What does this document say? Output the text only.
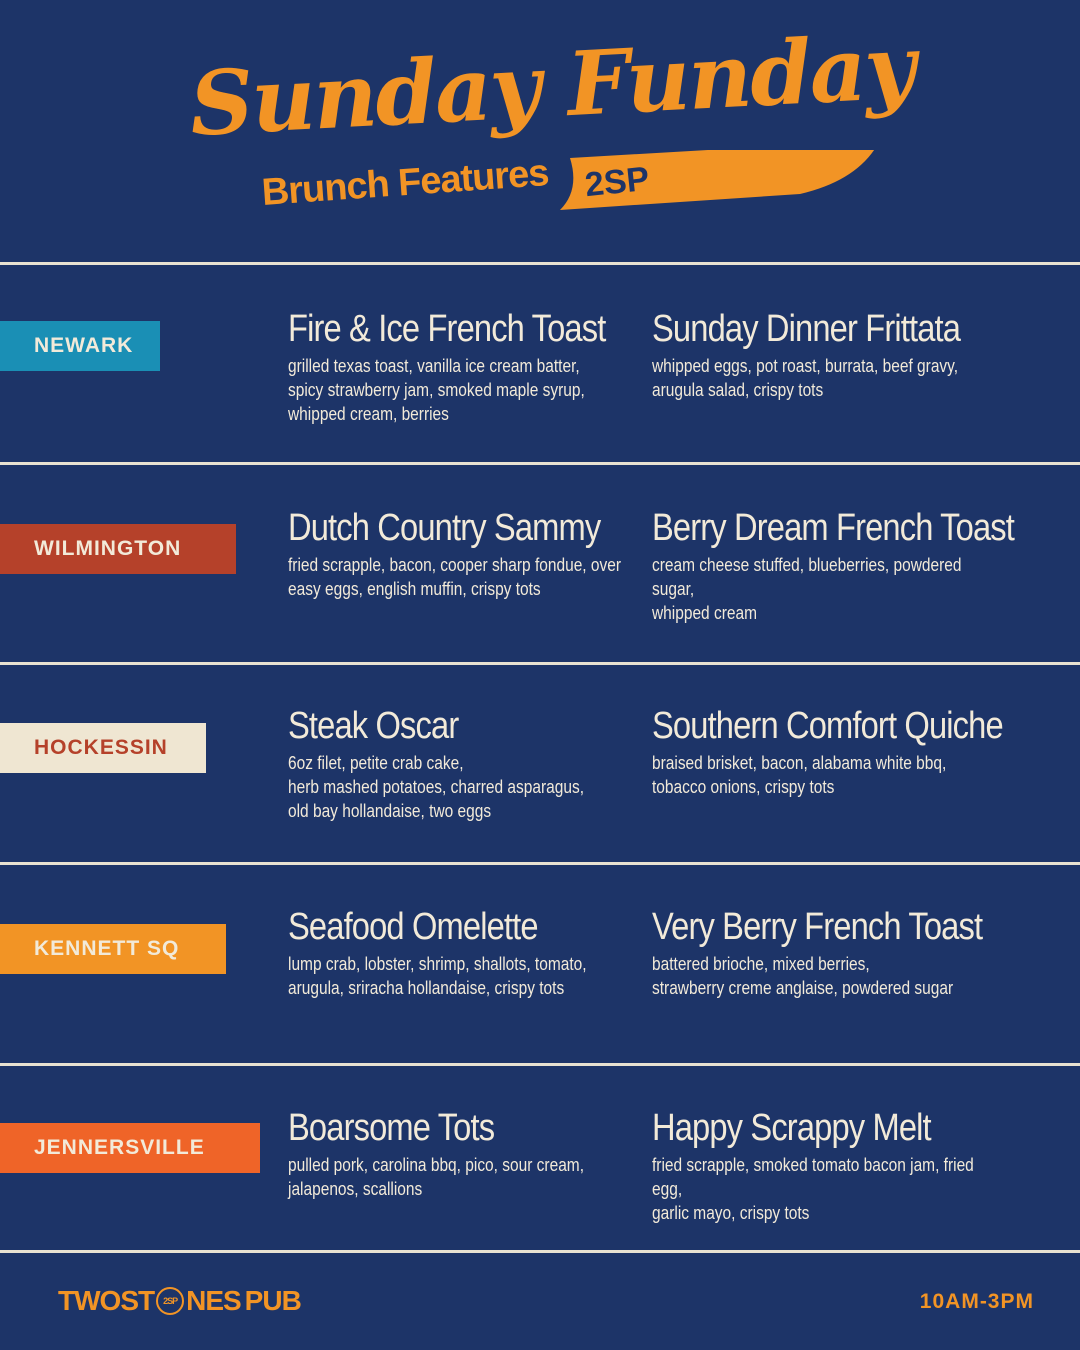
Sunday Funday
Brunch Features 2SP
NEWARK	Fire & Ice French Toast
grilled texas toast, vanilla ice cream batter,
spicy strawberry jam, smoked maple syrup,
whipped cream, berries
Sunday Dinner Frittata
whipped eggs, pot roast, burrata, beef gravy,
arugula salad, crispy tots
WILMINGTON	Dutch Country Sammy
fried scrapple, bacon, cooper sharp fondue, over
easy eggs, english muffin, crispy tots
Berry Dream French Toast
cream cheese stuffed, blueberries, powdered sugar,
whipped cream
HOCKESSIN
Steak Oscar
6oz filet, petite crab cake,
herb mashed potatoes, charred asparagus,
old bay hollandaise, two eggs
Southern Comfort Quiche
braised brisket, bacon, alabama white bbq,
tobacco onions, crispy tots
KENNETT SQ
Seafood Omelette
lump crab, lobster, shrimp, shallots, tomato,
arugula, sriracha hollandaise, crispy tots
Very Berry French Toast
battered brioche, mixed berries,
strawberry creme anglaise, powdered sugar
JENNERSVILLE	Boarsome Tots
pulled pork, carolina bbq, pico, sour cream,
jalapenos, scallions
Happy Scrappy Melt
fried scrapple, smoked tomato bacon jam, fried egg,
garlic mayo, crispy tots
TWO ST 2SP NES PUB	10AM-3PM
